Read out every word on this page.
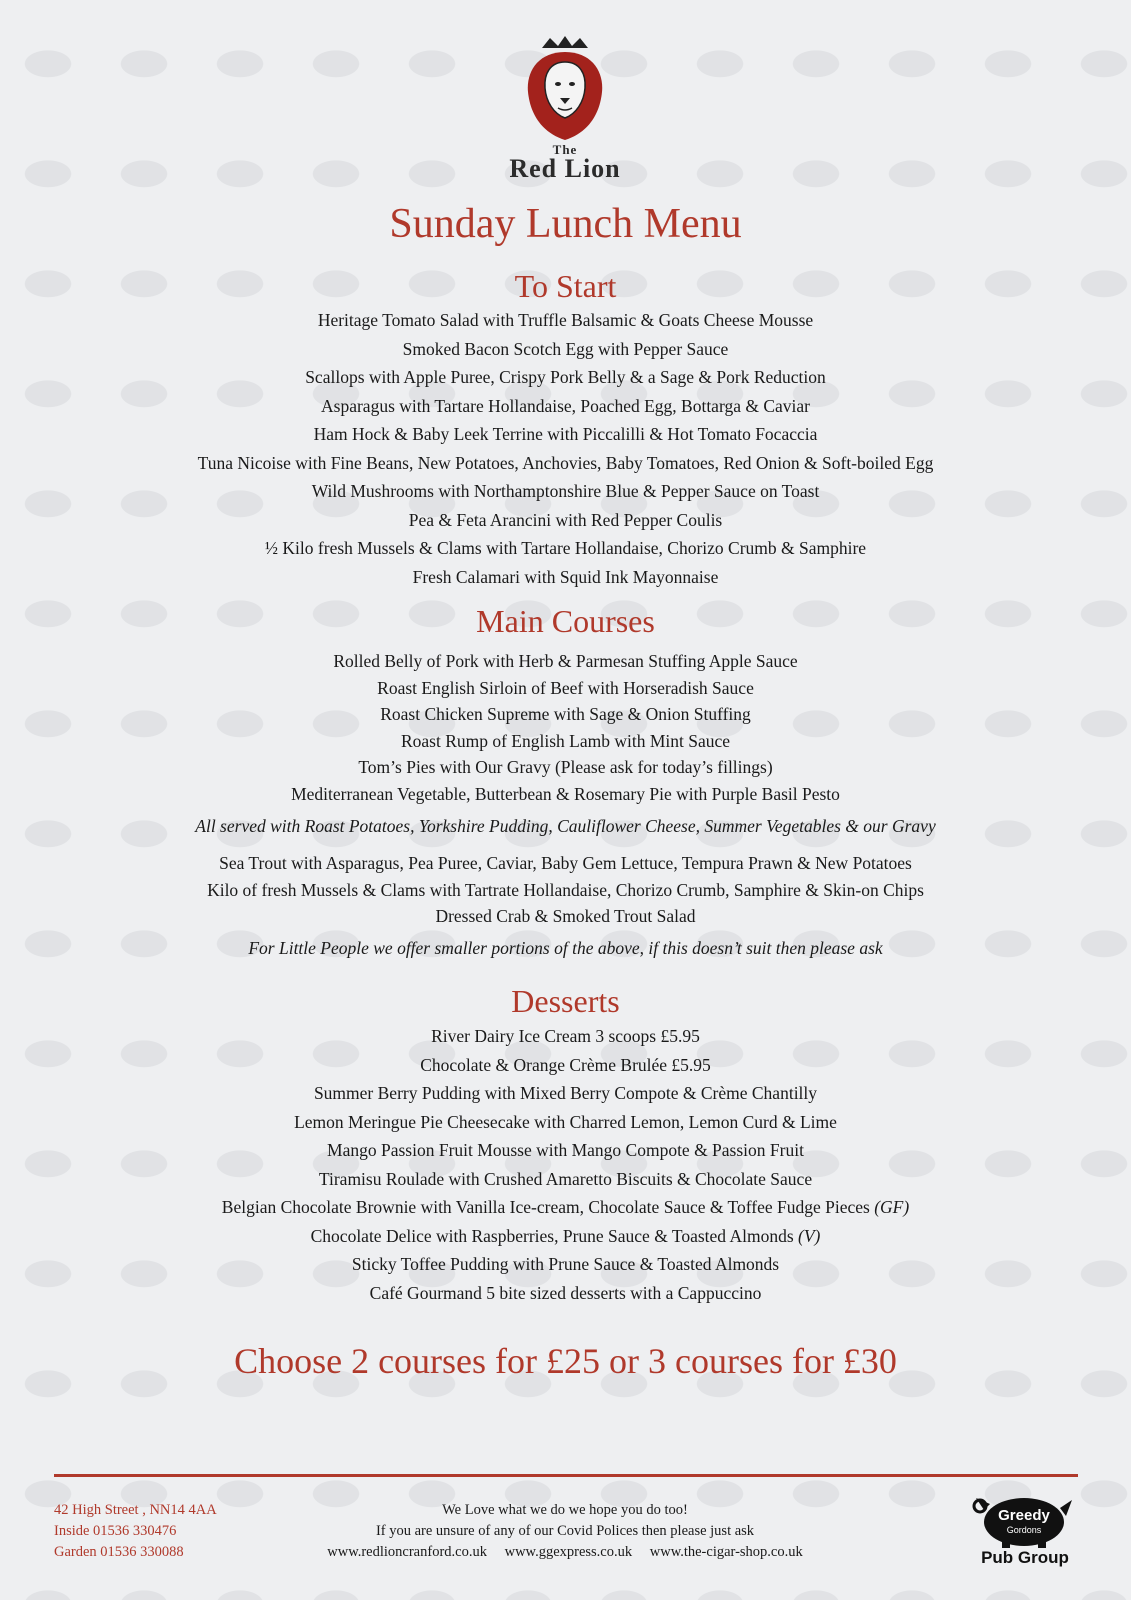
The
Red Lion
Sunday Lunch Menu
To Start
Heritage Tomato Salad with Truffle Balsamic & Goats Cheese Mousse
Smoked Bacon Scotch Egg with Pepper Sauce
Scallops with Apple Puree, Crispy Pork Belly & a Sage & Pork Reduction
Asparagus with Tartare Hollandaise, Poached Egg, Bottarga & Caviar
Ham Hock & Baby Leek Terrine with Piccalilli & Hot Tomato Focaccia
Tuna Nicoise with Fine Beans, New Potatoes, Anchovies, Baby Tomatoes, Red Onion & Soft-boiled Egg
Wild Mushrooms with Northamptonshire Blue & Pepper Sauce on Toast
Pea & Feta Arancini with Red Pepper Coulis
½ Kilo fresh Mussels & Clams with Tartare Hollandaise, Chorizo Crumb & Samphire
Fresh Calamari with Squid Ink Mayonnaise
Main Courses
Rolled Belly of Pork with Herb & Parmesan Stuffing Apple Sauce
Roast English Sirloin of Beef with Horseradish Sauce
Roast Chicken Supreme with Sage & Onion Stuffing
Roast Rump of English Lamb with Mint Sauce
Tom’s Pies with Our Gravy (Please ask for today’s fillings)
Mediterranean Vegetable, Butterbean & Rosemary Pie with Purple Basil Pesto
All served with Roast Potatoes, Yorkshire Pudding, Cauliflower Cheese, Summer Vegetables & our Gravy
Sea Trout with Asparagus, Pea Puree, Caviar, Baby Gem Lettuce, Tempura Prawn & New Potatoes
Kilo of fresh Mussels & Clams with Tartrate Hollandaise, Chorizo Crumb, Samphire & Skin-on Chips
Dressed Crab & Smoked Trout Salad
For Little People we offer smaller portions of the above, if this doesn’t suit then please ask
Desserts
River Dairy Ice Cream 3 scoops £5.95
Chocolate & Orange Crème Brulée £5.95
Summer Berry Pudding with Mixed Berry Compote & Crème Chantilly
Lemon Meringue Pie Cheesecake with Charred Lemon, Lemon Curd & Lime
Mango Passion Fruit Mousse with Mango Compote & Passion Fruit
Tiramisu Roulade with Crushed Amaretto Biscuits & Chocolate Sauce
Belgian Chocolate Brownie with Vanilla Ice-cream, Chocolate Sauce & Toffee Fudge Pieces (GF)
Chocolate Delice with Raspberries, Prune Sauce & Toasted Almonds (V)
Sticky Toffee Pudding with Prune Sauce & Toasted Almonds
Café Gourmand 5 bite sized desserts with a Cappuccino
Choose 2 courses for £25 or 3 courses for £30
42 High Street , NN14 4AA
Inside 01536 330476
Garden 01536 330088
We Love what we do we hope you do too!
If you are unsure of any of our Covid Polices then please just ask
www.redlioncranford.co.uk www.ggexpress.co.uk www.the-cigar-shop.co.uk
Greedy
Gordons
Pub Group
